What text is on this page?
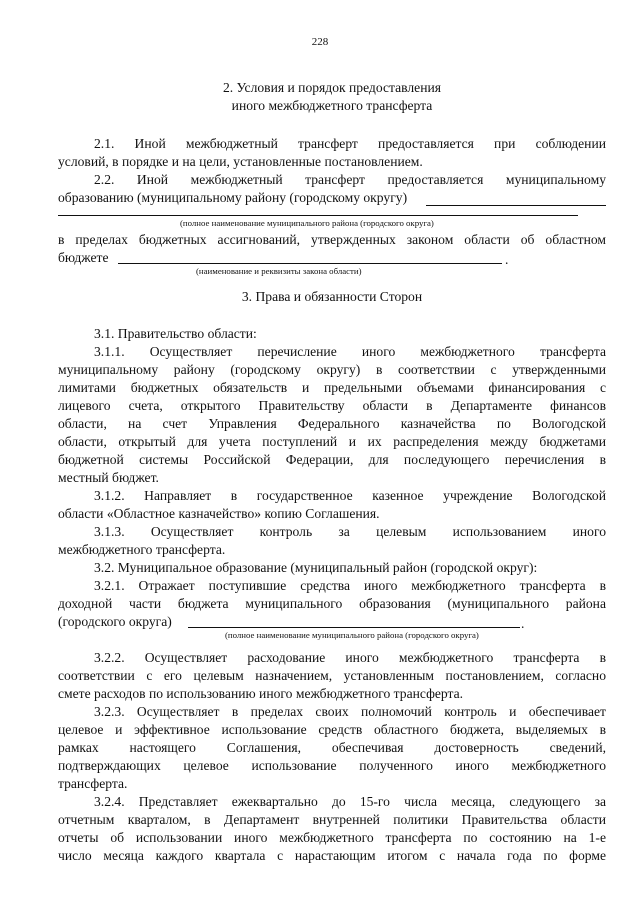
228
2. Условия и порядок предоставления
иного межбюджетного трансферта
2.1. Иной межбюджетный трансферт предоставляется при соблюдении
условий, в порядке и на цели, установленные постановлением.
2.2. Иной межбюджетный трансферт предоставляется муниципальному
образованию (муниципальному району (городскому округу)
(полное наименование муниципального района (городского округа)
в пределах бюджетных ассигнований, утвержденных законом области об областном
бюджете	.
(наименование и реквизиты закона области)
3. Права и обязанности Сторон
3.1. Правительство области:
3.1.1. Осуществляет перечисление иного межбюджетного трансферта
муниципальному району (городскому округу) в соответствии с утвержденными
лимитами бюджетных обязательств и предельными объемами финансирования с
лицевого счета, открытого Правительству области в Департаменте финансов
области, на счет Управления Федерального казначейства по Вологодской
области, открытый для учета поступлений и их распределения между бюджетами
бюджетной системы Российской Федерации, для последующего перечисления в
местный бюджет.
3.1.2. Направляет в государственное казенное учреждение Вологодской
области «Областное казначейство» копию Соглашения.
3.1.3. Осуществляет контроль за целевым использованием иного
межбюджетного трансферта.
3.2. Муниципальное образование (муниципальный район (городской округ):
3.2.1. Отражает поступившие средства иного межбюджетного трансферта в
доходной части бюджета муниципального образования (муниципального района
(городского округа)	.
(полное наименование муниципального района (городского округа)
3.2.2. Осуществляет расходование иного межбюджетного трансферта в
соответствии с его целевым назначением, установленным постановлением, согласно
смете расходов по использованию иного межбюджетного трансферта.
3.2.3. Осуществляет в пределах своих полномочий контроль и обеспечивает
целевое и эффективное использование средств областного бюджета, выделяемых в
рамках настоящего Соглашения, обеспечивая достоверность сведений,
подтверждающих целевое использование полученного иного межбюджетного
трансферта.
3.2.4. Представляет ежеквартально до 15-го числа месяца, следующего за
отчетным кварталом, в Департамент внутренней политики Правительства области
отчеты об использовании иного межбюджетного трансферта по состоянию на 1-е
число месяца каждого квартала с нарастающим итогом с начала года по форме
